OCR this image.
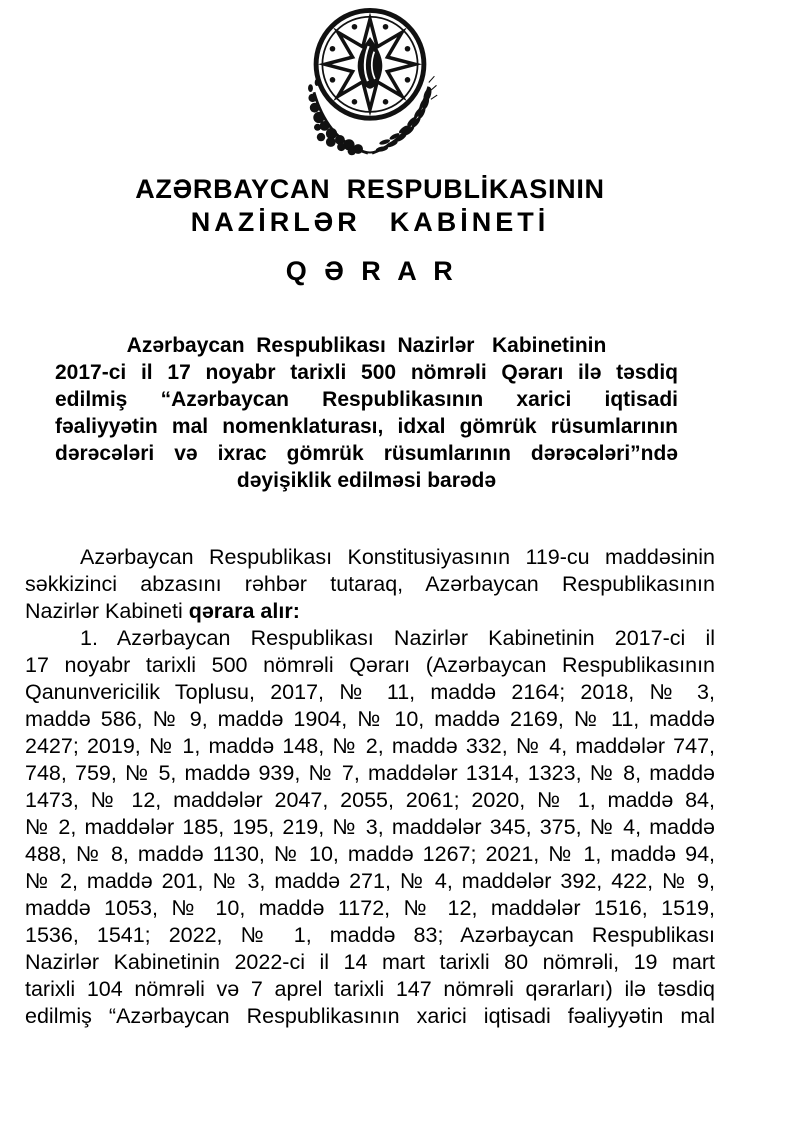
AZƏRBAYCAN  RESPUBLİKASININ
NAZİRLƏR  KABİNETİ
Q Ə R A R
Azərbaycan  Respublikası  Nazirlər   Kabinetinin
2017-ci il 17 noyabr tarixli 500 nömrəli Qərarı ilə təsdiq
edilmiş “Azərbaycan Respublikasının xarici iqtisadi
fəaliyyətin mal nomenklaturası, idxal gömrük rüsumlarının
dərəcələri və ixrac gömrük rüsumlarının dərəcələri”ndə
dəyişiklik edilməsi barədə
Azərbaycan Respublikası Konstitusiyasının 119-cu maddəsinin
səkkizinci abzasını rəhbər tutaraq, Azərbaycan Respublikasının
Nazirlər Kabineti qərara alır:
1. Azərbaycan Respublikası Nazirlər Kabinetinin 2017-ci il
17 noyabr tarixli 500 nömrəli Qərarı (Azərbaycan Respublikasının
Qanunvericilik Toplusu, 2017, № 11, maddə 2164; 2018, № 3,
maddə 586, № 9, maddə 1904, № 10, maddə 2169, № 11, maddə
2427; 2019, № 1, maddə 148, № 2, maddə 332, № 4, maddələr 747,
748, 759, № 5, maddə 939, № 7, maddələr 1314, 1323, № 8, maddə
1473, № 12, maddələr 2047, 2055, 2061; 2020, № 1, maddə 84,
№ 2, maddələr 185, 195, 219, № 3, maddələr 345, 375, № 4, maddə
488, № 8, maddə 1130, № 10, maddə 1267; 2021, № 1, maddə 94,
№ 2, maddə 201, № 3, maddə 271, № 4, maddələr 392, 422, № 9,
maddə 1053, № 10, maddə 1172, № 12, maddələr 1516, 1519,
1536, 1541; 2022, № 1, maddə 83; Azərbaycan Respublikası
Nazirlər Kabinetinin 2022-ci il 14 mart tarixli 80 nömrəli, 19 mart
tarixli 104 nömrəli və 7 aprel tarixli 147 nömrəli qərarları) ilə təsdiq
edilmiş “Azərbaycan Respublikasının xarici iqtisadi fəaliyyətin mal
